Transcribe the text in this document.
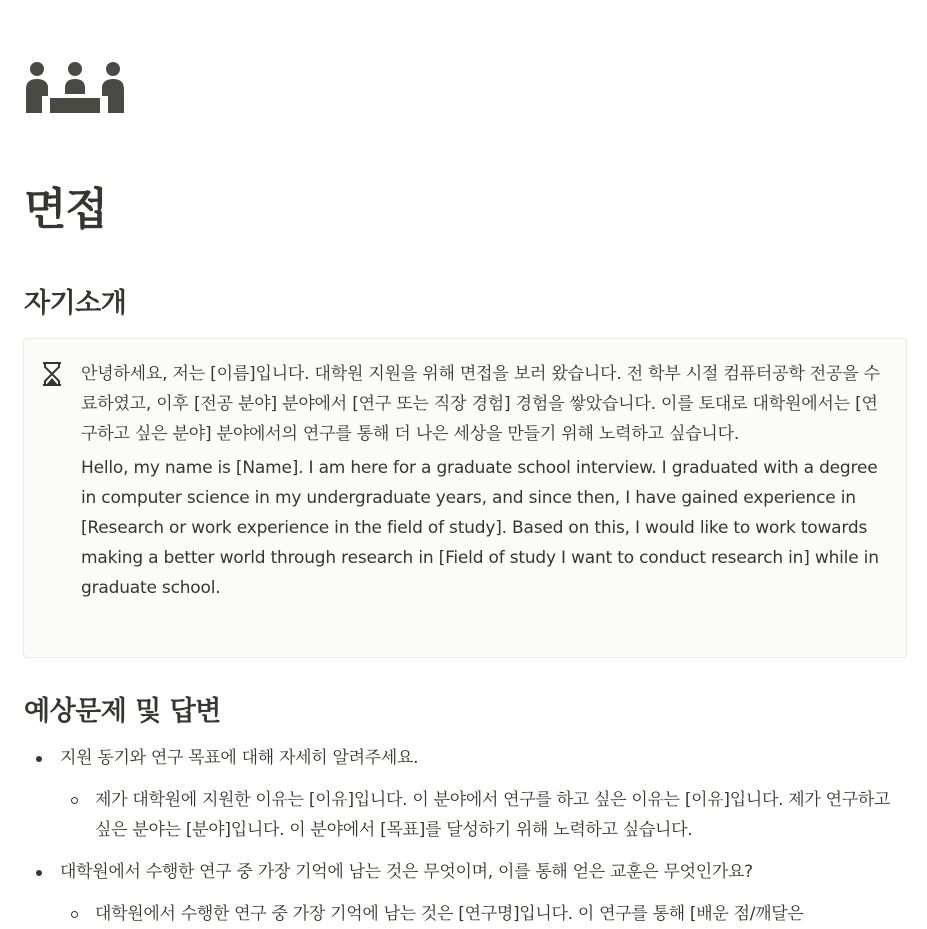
면접
자기소개

안녕하세요, 저는 [이름]입니다. 대학원 지원을 위해 면접을 보러 왔습니다. 전 학부 시절 컴퓨터공학 전공을 수료하였고, 이후 [전공 분야] 분야에서 [연구 또는 직장 경험] 경험을 쌓았습니다. 이를 토대로 대학원에서는 [연구하고 싶은 분야] 분야에서의 연구를 통해 더 나은 세상을 만들기 위해 노력하고 싶습니다.

Hello, my name is [Name]. I am here for a graduate school interview. I graduated with a degree in computer science in my undergraduate years, and since then, I have gained experience in [Research or work experience in the field of study]. Based on this, I would like to work towards making a better world through research in [Field of study I want to conduct research in] while in graduate school.

예상문제 및 답변
지원 동기와 연구 목표에 대해 자세히 알려주세요.
제가 대학원에 지원한 이유는 [이유]입니다. 이 분야에서 연구를 하고 싶은 이유는 [이유]입니다. 제가 연구하고 싶은 분야는 [분야]입니다. 이 분야에서 [목표]를 달성하기 위해 노력하고 싶습니다.
대학원에서 수행한 연구 중 가장 기억에 남는 것은 무엇이며, 이를 통해 얻은 교훈은 무엇인가요?
대학원에서 수행한 연구 중 가장 기억에 남는 것은 [연구명]입니다. 이 연구를 통해 [배운 점/깨달은
